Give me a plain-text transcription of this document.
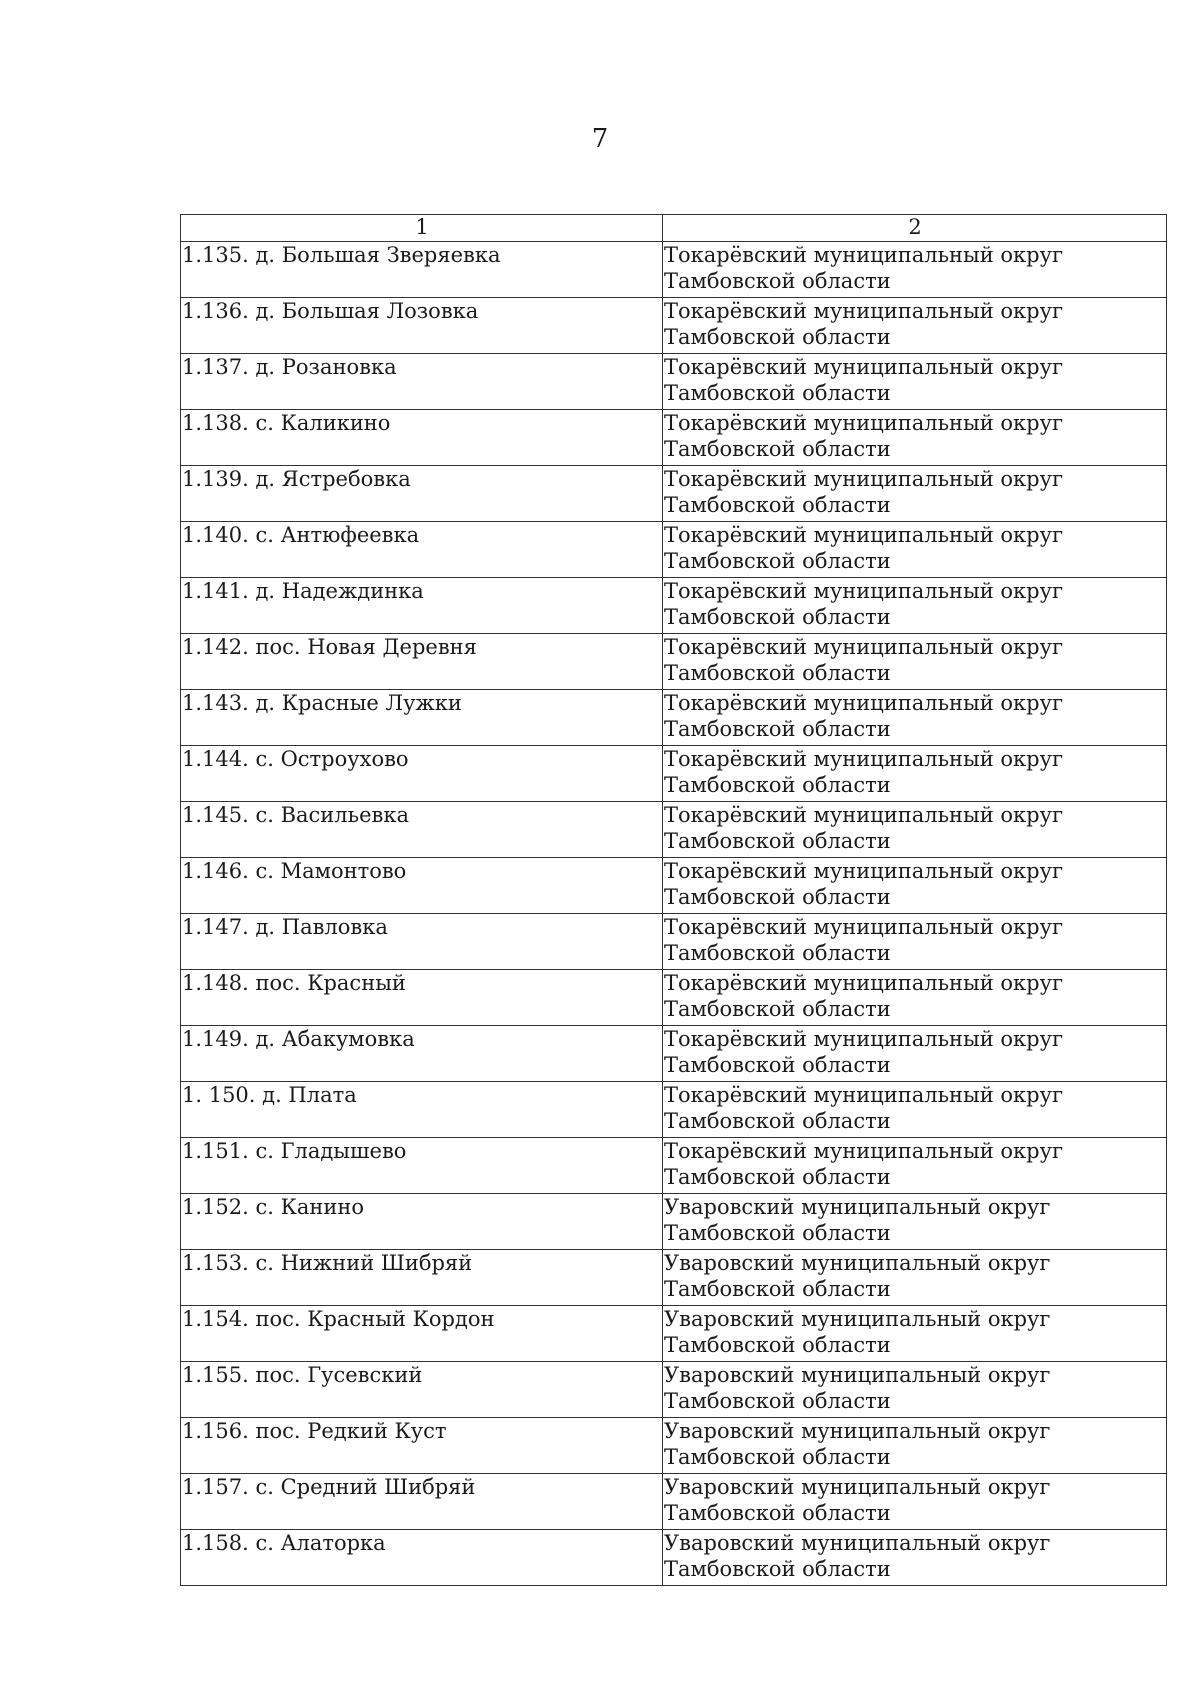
7
1	2
1.135. д. Большая Зверяевка	Токарёвский муниципальный округ Тамбовской области
1.136. д. Большая Лозовка	Токарёвский муниципальный округ Тамбовской области
1.137. д. Розановка	Токарёвский муниципальный округ Тамбовской области
1.138. с. Каликино	Токарёвский муниципальный округ Тамбовской области
1.139. д. Ястребовка	Токарёвский муниципальный округ Тамбовской области
1.140. с. Антюфеевка	Токарёвский муниципальный округ Тамбовской области
1.141. д. Надеждинка	Токарёвский муниципальный округ Тамбовской области
1.142. пос. Новая Деревня	Токарёвский муниципальный округ Тамбовской области
1.143. д. Красные Лужки	Токарёвский муниципальный округ Тамбовской области
1.144. с. Остроухово	Токарёвский муниципальный округ Тамбовской области
1.145. с. Васильевка	Токарёвский муниципальный округ Тамбовской области
1.146. с. Мамонтово	Токарёвский муниципальный округ Тамбовской области
1.147. д. Павловка	Токарёвский муниципальный округ Тамбовской области
1.148. пос. Красный	Токарёвский муниципальный округ Тамбовской области
1.149. д. Абакумовка	Токарёвский муниципальный округ Тамбовской области
1. 150. д. Плата	Токарёвский муниципальный округ Тамбовской области
1.151. с. Гладышево	Токарёвский муниципальный округ Тамбовской области
1.152. с. Канино	Уваровский муниципальный округ Тамбовской области
1.153. с. Нижний Шибряй	Уваровский муниципальный округ Тамбовской области
1.154. пос. Красный Кордон	Уваровский муниципальный округ Тамбовской области
1.155. пос. Гусевский	Уваровский муниципальный округ Тамбовской области
1.156. пос. Редкий Куст	Уваровский муниципальный округ Тамбовской области
1.157. с. Средний Шибряй	Уваровский муниципальный округ Тамбовской области
1.158. с. Алаторка	Уваровский муниципальный округ Тамбовской области
